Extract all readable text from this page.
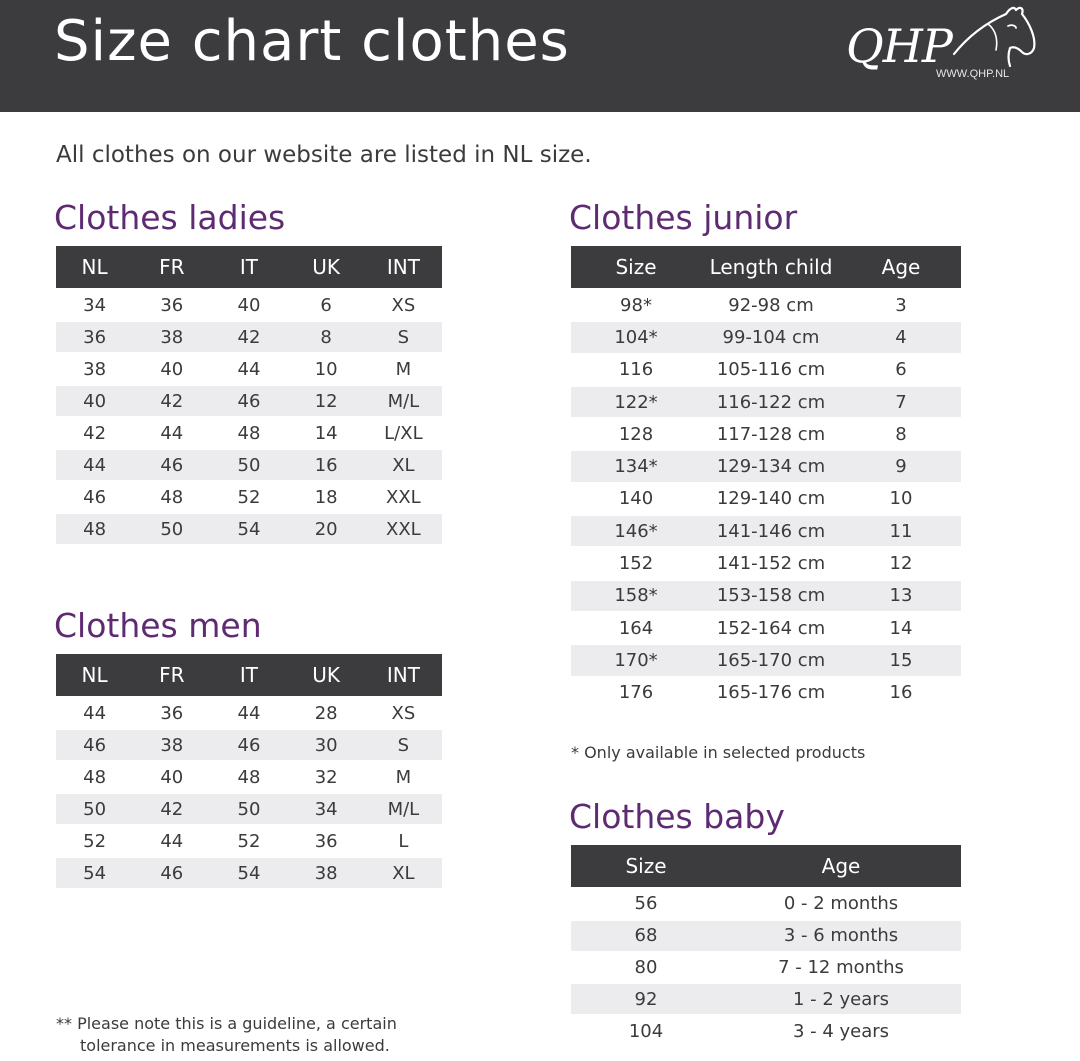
Size chart clothes	QHP
WWW.QHP.NL
All clothes on our website are listed in NL size.
Clothes ladies
NL	FR	IT	UK	INT
34	36	40	6	XS
36	38	42	8	S
38	40	44	10	M
40	42	46	12	M/L
42	44	48	14	L/XL
44	46	50	16	XL
46	48	52	18	XXL
48	50	54	20	XXL
Clothes men
NL	FR	IT	UK	INT
44	36	44	28	XS
46	38	46	30	S
48	40	48	32	M
50	42	50	34	M/L
52	44	52	36	L
54	46	54	38	XL
Clothes junior
Size	Length child	Age
98*	92-98 cm	3
104*	99-104 cm	4
116	105-116 cm	6
122*	116-122 cm	7
128	117-128 cm	8
134*	129-134 cm	9
140	129-140 cm	10
146*	141-146 cm	11
152	141-152 cm	12
158*	153-158 cm	13
164	152-164 cm	14
170*	165-170 cm	15
176	165-176 cm	16
* Only available in selected products
Clothes baby
Size	Age
56	0 - 2 months
68	3 - 6 months
80	7 - 12 months
92	1 - 2 years
104	3 - 4 years
** Please note this is a guideline, a certain
tolerance in measurements is allowed.
